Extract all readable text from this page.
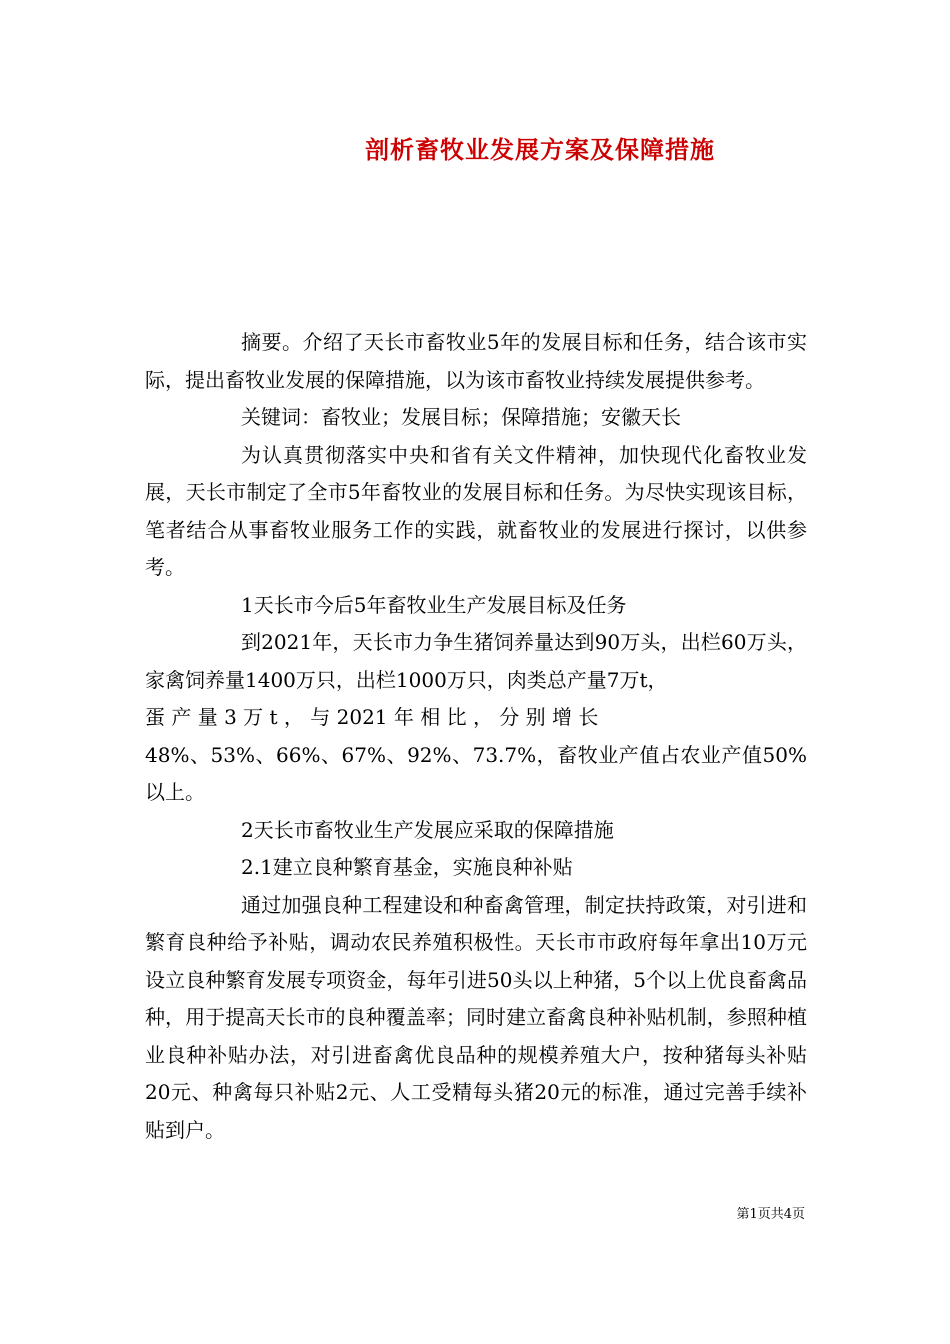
剖析畜牧业发展方案及保障措施

摘要。介绍了天长市畜牧业5年的发展目标和任务，结合该市实际，提出畜牧业发展的保障措施，以为该市畜牧业持续发展提供参考。

关键词：畜牧业；发展目标；保障措施；安徽天长

为认真贯彻落实中央和省有关文件精神，加快现代化畜牧业发展，天长市制定了全市5年畜牧业的发展目标和任务。为尽快实现该目标，笔者结合从事畜牧业服务工作的实践，就畜牧业的发展进行探讨，以供参考。

1天长市今后5年畜牧业生产发展目标及任务

到2021年，天长市力争生猪饲养量达到90万头，出栏60万头，家禽饲养量1400万只，出栏1000万只，肉类总产量7万t，

蛋 产 量 3 万 t ， 与 2021 年 相 比 ， 分 别 增 长

48%、53%、66%、67%、92%、73.7%，畜牧业产值占农业产值50%以上。

2天长市畜牧业生产发展应采取的保障措施

2.1建立良种繁育基金，实施良种补贴

通过加强良种工程建设和种畜禽管理，制定扶持政策，对引进和繁育良种给予补贴，调动农民养殖积极性。天长市市政府每年拿出10万元设立良种繁育发展专项资金，每年引进50头以上种猪，5个以上优良畜禽品种，用于提高天长市的良种覆盖率；同时建立畜禽良种补贴机制，参照种植业良种补贴办法，对引进畜禽优良品种的规模养殖大户，按种猪每头补贴20元、种禽每只补贴2元、人工受精每头猪20元的标准，通过完善手续补贴到户。

第1页共4页
